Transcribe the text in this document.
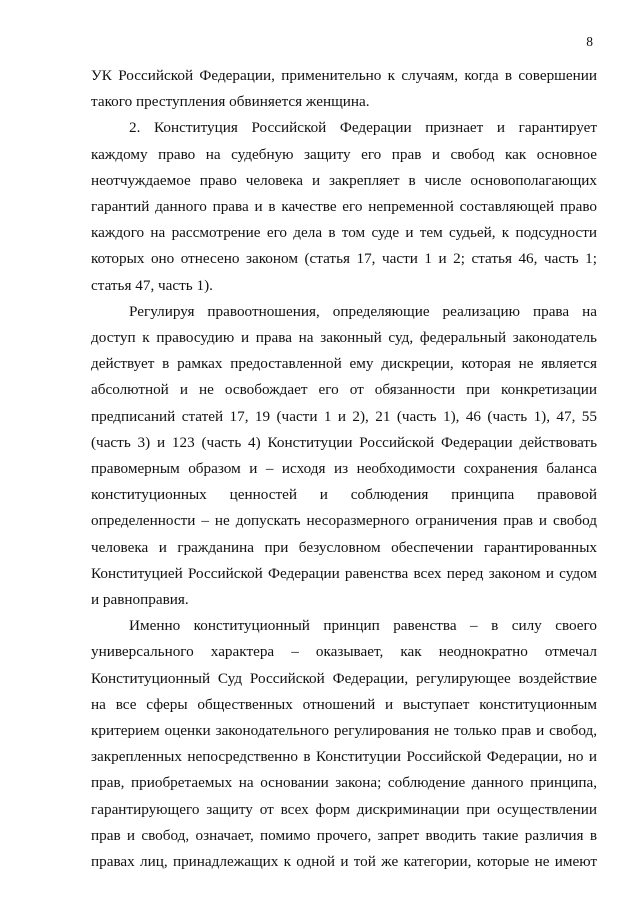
8
УК Российской Федерации, применительно к случаям, когда в совершении
такого преступления обвиняется женщина.
2. Конституция Российской Федерации признает и гарантирует
каждому право на судебную защиту его прав и свобод как основное
неотчуждаемое право человека и закрепляет в числе основополагающих
гарантий данного права и в качестве его непременной составляющей право
каждого на рассмотрение его дела в том суде и тем судьей, к подсудности
которых оно отнесено законом (статья 17, части 1 и 2; статья 46, часть 1;
статья 47, часть 1).
Регулируя правоотношения, определяющие реализацию права на
доступ к правосудию и права на законный суд, федеральный законодатель
действует в рамках предоставленной ему дискреции, которая не является
абсолютной и не освобождает его от обязанности при конкретизации
предписаний статей 17, 19 (части 1 и 2), 21 (часть 1), 46 (часть 1), 47, 55
(часть 3) и 123 (часть 4) Конституции Российской Федерации действовать
правомерным образом и – исходя из необходимости сохранения баланса
конституционных ценностей и соблюдения принципа правовой
определенности – не допускать несоразмерного ограничения прав и свобод
человека и гражданина при безусловном обеспечении гарантированных
Конституцией Российской Федерации равенства всех перед законом и судом
и равноправия.
Именно конституционный принцип равенства – в силу своего
универсального характера – оказывает, как неоднократно отмечал
Конституционный Суд Российской Федерации, регулирующее воздействие
на все сферы общественных отношений и выступает конституционным
критерием оценки законодательного регулирования не только прав и свобод,
закрепленных непосредственно в Конституции Российской Федерации, но и
прав, приобретаемых на основании закона; соблюдение данного принципа,
гарантирующего защиту от всех форм дискриминации при осуществлении
прав и свобод, означает, помимо прочего, запрет вводить такие различия в
правах лиц, принадлежащих к одной и той же категории, которые не имеют
